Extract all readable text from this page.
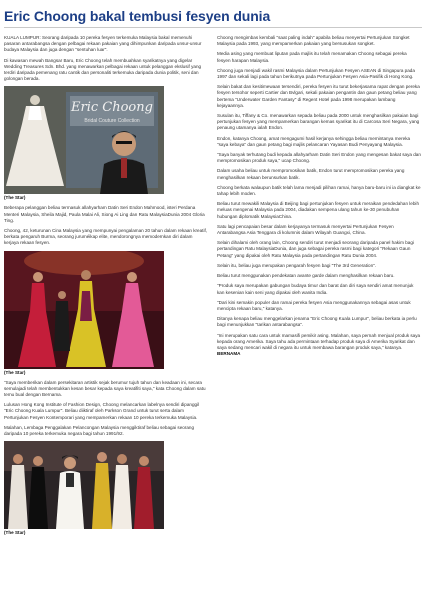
Eric Choong bakal tembusi fesyen dunia

KUALA LUMPUR: Seorang daripada 10 pereka fesyen terkemuka Malaysia bakal memenuhi pasaran antarabangsa dengan pelbagai rekaan pakaian yang dihimpunkan daripada unsur-unsur budaya Malaysia dan juga dengan "sentuhan luar".

Di kawasan mewah Bangsar Baru, Eric Choong telah membuahkan syarikatnya yang digelar Wedding Treasures Sdn. Bhd. yang menawarkan pelbagai rekaan untuk pelanggan ekslusif yang terdiri daripada pemenang ratu cantik dan personaliti terkemuka daripada dunia politik, seni dan golongan berada.

Eric Choong
Bridal Couture Collection
(The Star)

Beberapa pelanggan beliau termasuk allahyarham Datin Seri Endon Mahmood, isteri Perdana Menteri Malaysia, Sheila Majid, Paula Malai Ali, Siong Ai Ling dan Ratu MalaysiaDunia 2004 Gloria Ting.

Choong, 42, keturunan Cina Malaysia yang mempunyai pengalaman 20 tahun dalam rekaan kreatif, berkata pengaruh Burma, seorang juruméikap elite, mendorongnya memodernkan diri dalam kerjaya rekaan fesyen.

(The Star)

"Saya memberikan dalam persekitaran artistik sejak berumur tujuh tahun dan keadaan ini, secara semulajadi telah membentukkan kesan besar kepada saya kreatifiti saya," kata Choong dalam satu temu bual dengan Bernama.

Lulusan Hong Kong Institute of Fashion Design, Choong melancarkan labelnya sendiri dipanggil "Eric Choong Kuala Lumpur". Beliau diiktiraf oleh Parkson Grand untuk turut serta dalam Pertunjukan Fesyen Kontemporari yang mempamerkan rekaan 10 pereka terkemuka Malaysia.

Malahan, Lembaga Penggalakan Pelancongan Malaysia menggiktiraf beliau sebagai seorang daripada 10 pereka terkemuka negara bagi tahun 1991/92.

(The Star)

Choong mengimbas kembali "saat paling indah" apabila beliau menyertai Pertunjukan Songket Malaysia pada 1993, yang mempamerkan pakaian yang bersusukan songket.

Media asing yang membuat liputan pada majlis itu telah menamakan Choong sebagai pereka fesyen harapan Malaysia.

Choong juga menjadi wakil rasmi Malaysia dalam Pertunjukan Fesyen ASEAN di Singapura pada 1997 dan sekali lagi pada tahun berikutnya pada Pertunjukan Fesyen Asia-Pasifik di Hong Kong.

Selain bakat dan kesitimewaan tersendiri, pereka fesyen itu turut bekerjasama rapat dengan pereka fesyen tersohor seperti Cartier dan Bvlgari, sekali pakaian pengantin dan gaun petang beliau yang bertema "Underwater Garden Fantasy" di Regent Hotel pada 1998 merupakan lambang kejayaannya.

Susulan itu, Tiffany & Co. menawarkan sepada beliau pada 2000 untuk menghasilkan pakaian bagi pertunjukan fesyen yang mempamerkan barangan kemas syarikat itu di Carcosa Seri Negara, yang penaung utamanya ialah Endon.

Endon, katanya Choong, amat mengagumi hasil kerjanya sehingga beliau memintanya mereka "saya kebaya" dan gaun petang bagi majlis pelancaran Yayasan Budi Penyayang Malaysia.

"Saya banyak terhutang budi kepada allahyarham Datin Seri Endon yang mengesan bakat saya dan mempromosikan produk saya," ucap Choong.

Dalam usaha beliau untuk mempromosikan batik, Endon turut mempromosikan pereka yang menghasilkan rekaan berunsurkan batik.

Choong berkata walaupun batik telah lama menjadi pilihan ramai, hanya baru-baru ini ia diangkat ke tahap lebih moden.

Beliau turut mewakili Malaysia di Beijing bagi pertunjukan fesyen untuk meraikan pendedahan lebih meluas mengenai Malaysia pada 2004, diadakan sempena ulang tahun ke-30 penubuhan hubungan diplomatik MalaysiaChina.

Satu lagi pencapaian besar dalam kerjayanya termasuk menyertai Pertunjukan Fesyen Antarabangsa Asia Tenggara di kolumnis dalam Wilayah Guangxi, China.

Selain dihalami oleh orang lain, Choong sendiri turut menjadi seorang daripada panel hakim bagi pertandingan Ratu MalaysiaDunia, dan juga sebagai pereka rasmi bagi kategori "Rekaan Gaun Petang" yang dipakai oleh Ratu Malaysia pada pertandingan Ratu Dunia 2004.

Selain itu, beliau juga merupakan pengarah fesyen bagi "The 3rd Generation".

Beliau turut menggunakan pendekatan avante garde dalam menghasilkan rekaan baru.

"Produk saya merupakan gabungan budaya timur dan barat dan diri saya sendiri amat menunjuk kan kesenian kain seni yang dipakai oleh wanita India.

"Dari kini semakin populer dan ramai pereka fesyen Asia menggunakannya sebagai asas untuk mencipta rekaan baru," katanya.

Ditanya kenapa beliau menggelarkan jenama "Eric Choong Kuala Lumpur", beliau berkata ia perlu bagi menunjukkan "tarikan antarabangsa".

"Ini merupakan satu cara untuk mamasifi pemikir asing. Malahan, saya pernah menjual produk saya kepada orang Amerika. Saya tahu ada permintaan terhadap produk saya di Amerika Syarikat dan saya sedang mencari wakil di negara itu untuk membawa barangan produk saya," katanya. BERNAMA
